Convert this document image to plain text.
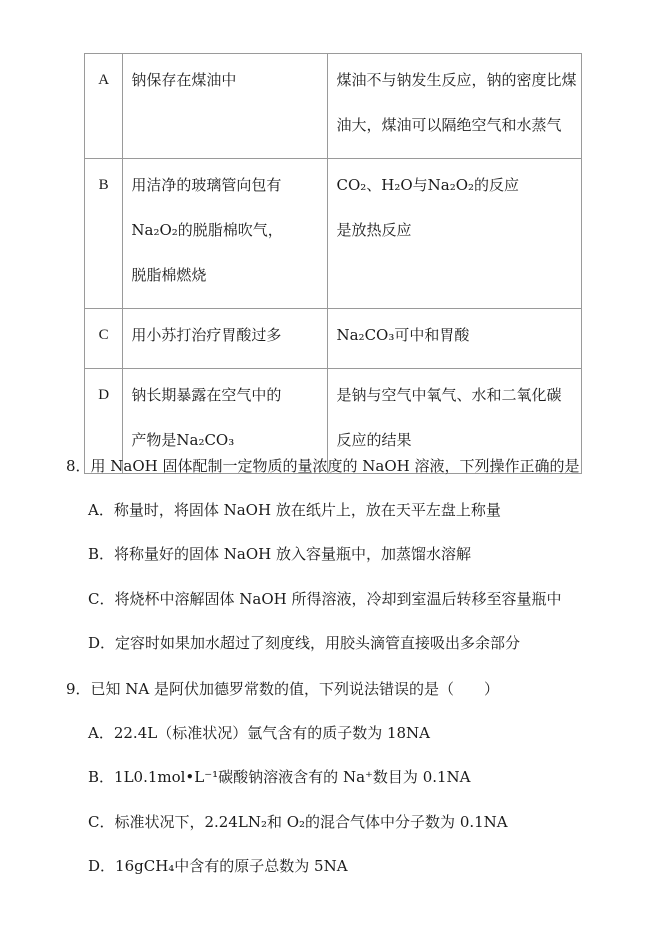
A	钠保存在煤油中	煤油不与钠发生反应，钠的密度比煤
油大，煤油可以隔绝空气和水蒸气

B	用洁净的玻璃管向包有
Na₂O₂的脱脂棉吹气，
脱脂棉燃烧	CO₂、H₂O与Na₂O₂的反应
是放热反应

C	用小苏打治疗胃酸过多	Na₂CO₃可中和胃酸

D	钠长期暴露在空气中的
产物是Na₂CO₃	是钠与空气中氧气、水和二氧化碳
反应的结果
8．用 NaOH 固体配制一定物质的量浓度的 NaOH 溶液，下列操作正确的是
A．称量时，将固体 NaOH 放在纸片上，放在天平左盘上称量
B．将称量好的固体 NaOH 放入容量瓶中，加蒸馏水溶解
C．将烧杯中溶解固体 NaOH 所得溶液，冷却到室温后转移至容量瓶中
D．定容时如果加水超过了刻度线，用胶头滴管直接吸出多余部分
9．已知 NA 是阿伏加德罗常数的值，下列说法错误的是（　　）
A．22.4L（标准状况）氩气含有的质子数为 18NA
B．1L0.1mol•L⁻¹碳酸钠溶液含有的 Na⁺数目为 0.1NA
C．标准状况下，2.24LN₂和 O₂的混合气体中分子数为 0.1NA
D．16gCH₄中含有的原子总数为 5NA
